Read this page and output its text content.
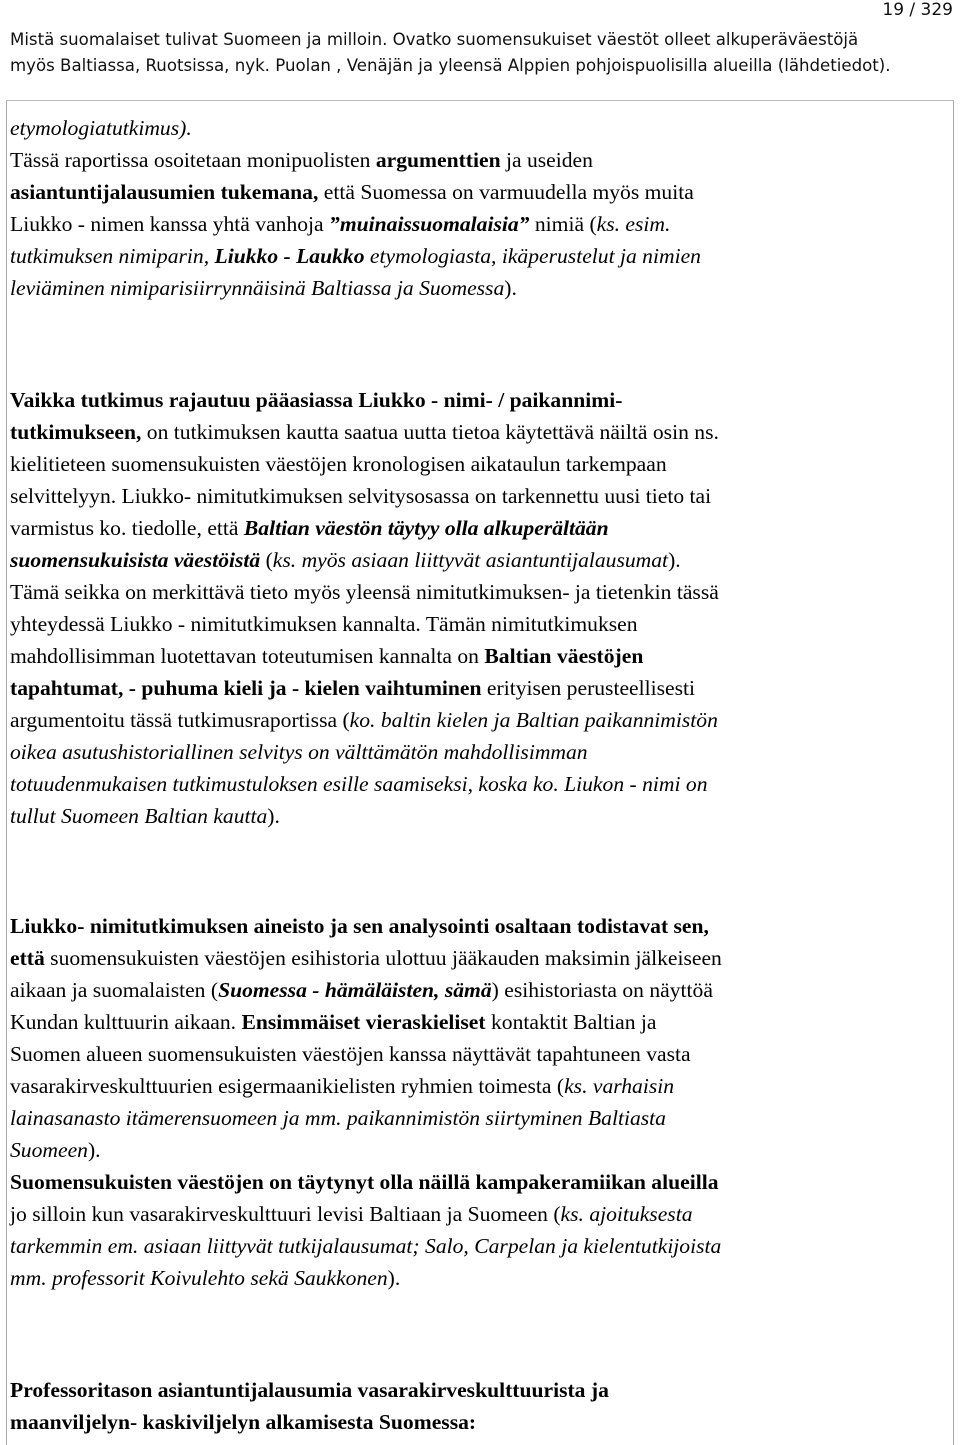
19 / 329
Mistä suomalaiset tulivat Suomeen ja milloin. Ovatko suomensukuiset väestöt olleet alkuperäväestöjä
myös Baltiassa, Ruotsissa, nyk. Puolan , Venäjän ja yleensä Alppien pohjoispuolisilla alueilla (lähdetiedot).
etymologiatutkimus).
Tässä raportissa osoitetaan monipuolisten argumenttien ja useiden
asiantuntijalausumien tukemana, että Suomessa on varmuudella myös muita
Liukko - nimen kanssa yhtä vanhoja ”muinaissuomalaisia” nimiä (ks. esim.
tutkimuksen nimiparin, Liukko - Laukko etymologiasta, ikäperustelut ja nimien
leviäminen nimiparisiirrynnäisinä Baltiassa ja Suomessa).
Vaikka tutkimus rajautuu pääasiassa Liukko - nimi- / paikannimi-
tutkimukseen, on tutkimuksen kautta saatua uutta tietoa käytettävä näiltä osin ns.
kielitieteen suomensukuisten väestöjen kronologisen aikataulun tarkempaan
selvittelyyn. Liukko- nimitutkimuksen selvitysosassa on tarkennettu uusi tieto tai
varmistus ko. tiedolle, että Baltian väestön täytyy olla alkuperältään
suomensukuisista väestöistä (ks. myös asiaan liittyvät asiantuntijalausumat).
Tämä seikka on merkittävä tieto myös yleensä nimitutkimuksen- ja tietenkin tässä
yhteydessä Liukko - nimitutkimuksen kannalta. Tämän nimitutkimuksen
mahdollisimman luotettavan toteutumisen kannalta on Baltian väestöjen
tapahtumat, - puhuma kieli ja - kielen vaihtuminen erityisen perusteellisesti
argumentoitu tässä tutkimusraportissa (ko. baltin kielen ja Baltian paikannimistön
oikea asutushistoriallinen selvitys on välttämätön mahdollisimman
totuudenmukaisen tutkimustuloksen esille saamiseksi, koska ko. Liukon - nimi on
tullut Suomeen Baltian kautta).
Liukko- nimitutkimuksen aineisto ja sen analysointi osaltaan todistavat sen,
että suomensukuisten väestöjen esihistoria ulottuu jääkauden maksimin jälkeiseen
aikaan ja suomalaisten (Suomessa - hämäläisten, sämä) esihistoriasta on näyttöä
Kundan kulttuurin aikaan. Ensimmäiset vieraskieliset kontaktit Baltian ja
Suomen alueen suomensukuisten väestöjen kanssa näyttävät tapahtuneen vasta
vasarakirveskulttuurien esigermaanikielisten ryhmien toimesta (ks. varhaisin
lainasanasto itämerensuomeen ja mm. paikannimistön siirtyminen Baltiasta
Suomeen).
Suomensukuisten väestöjen on täytynyt olla näillä kampakeramiikan alueilla
jo silloin kun vasarakirveskulttuuri levisi Baltiaan ja Suomeen (ks. ajoituksesta
tarkemmin em. asiaan liittyvät tutkijalausumat; Salo, Carpelan ja kielentutkijoista
mm. professorit Koivulehto sekä Saukkonen).
Professoritason asiantuntijalausumia vasarakirveskulttuurista ja
maanviljelyn- kaskiviljelyn alkamisesta Suomessa:
